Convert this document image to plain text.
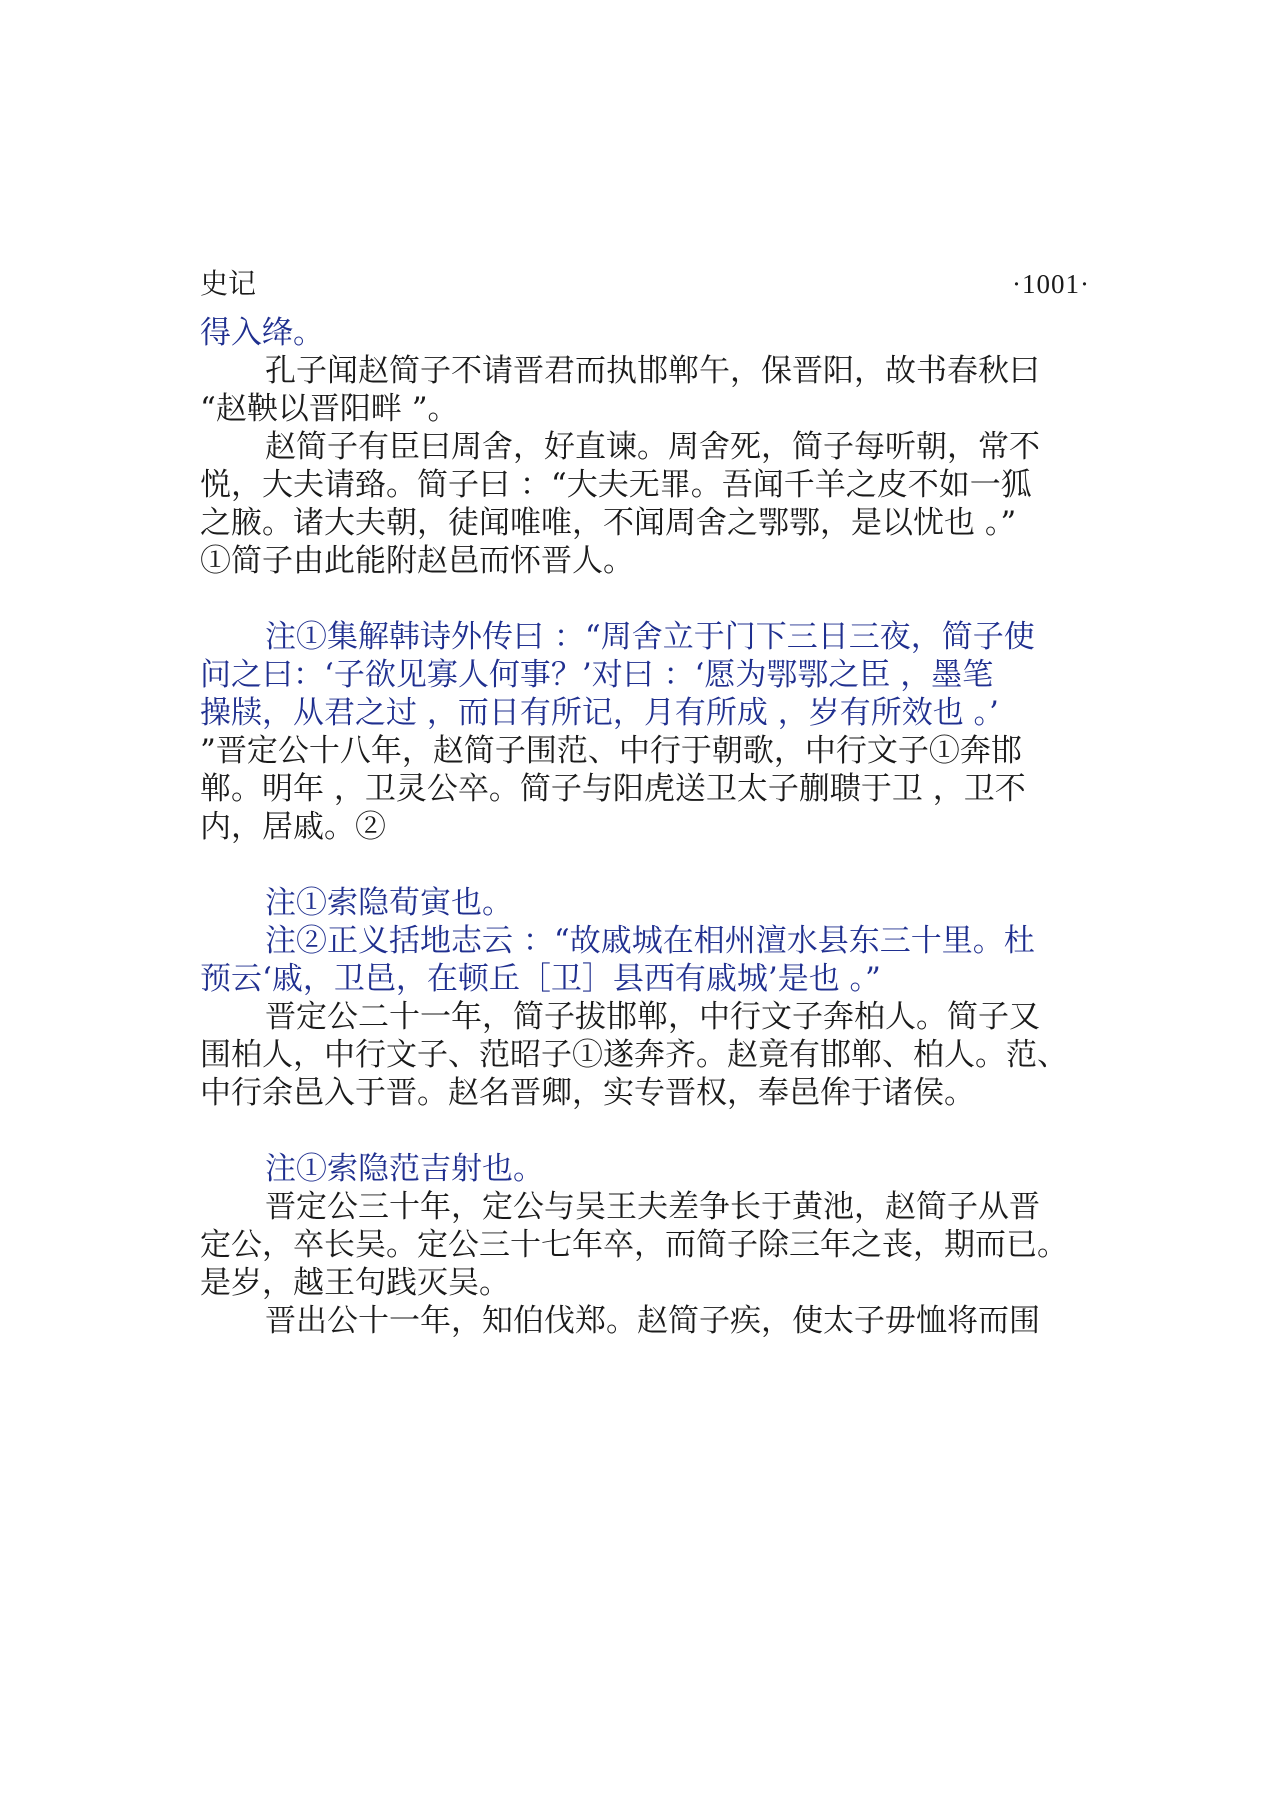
史记	·1001·
得入绛。
孔子闻赵简子不请晋君而执邯郸午，保晋阳，故书春秋曰
“赵鞅以晋阳畔 ”。
赵简子有臣曰周舍，好直谏。周舍死，简子每听朝，常不
悦，大夫请臵。简子曰 ：“大夫无罪。吾闻千羊之皮不如一狐
之腋。诸大夫朝，徒闻唯唯，不闻周舍之鄂鄂，是以忧也 。”
①简子由此能附赵邑而怀晋人。
注①集解韩诗外传曰 ：“周舍立于门下三日三夜，简子使
问之曰：‘子欲见寡人何事？’对曰 ：‘愿为鄂鄂之臣 ，墨笔
操牍，从君之过 ，而日有所记，月有所成 ，岁有所效也 。’
”晋定公十八年，赵简子围范、中行于朝歌，中行文子①奔邯
郸。明年 ，卫灵公卒。简子与阳虎送卫太子蒯聩于卫 ，卫不
内，居戚。②
注①索隐荀寅也。
注②正义括地志云 ：“故戚城在相州澶水县东三十里。杜
预云‘戚，卫邑，在顿丘［卫］县西有戚城’是也 。”
晋定公二十一年，简子拔邯郸，中行文子奔柏人。简子又
围柏人，中行文子、范昭子①遂奔齐。赵竟有邯郸、柏人。范、
中行余邑入于晋。赵名晋卿，实专晋权，奉邑侔于诸侯。
注①索隐范吉射也。
晋定公三十年，定公与吴王夫差争长于黄池，赵简子从晋
定公，卒长吴。定公三十七年卒，而简子除三年之丧，期而已。
是岁，越王句践灭吴。
晋出公十一年，知伯伐郑。赵简子疾，使太子毋恤将而围
